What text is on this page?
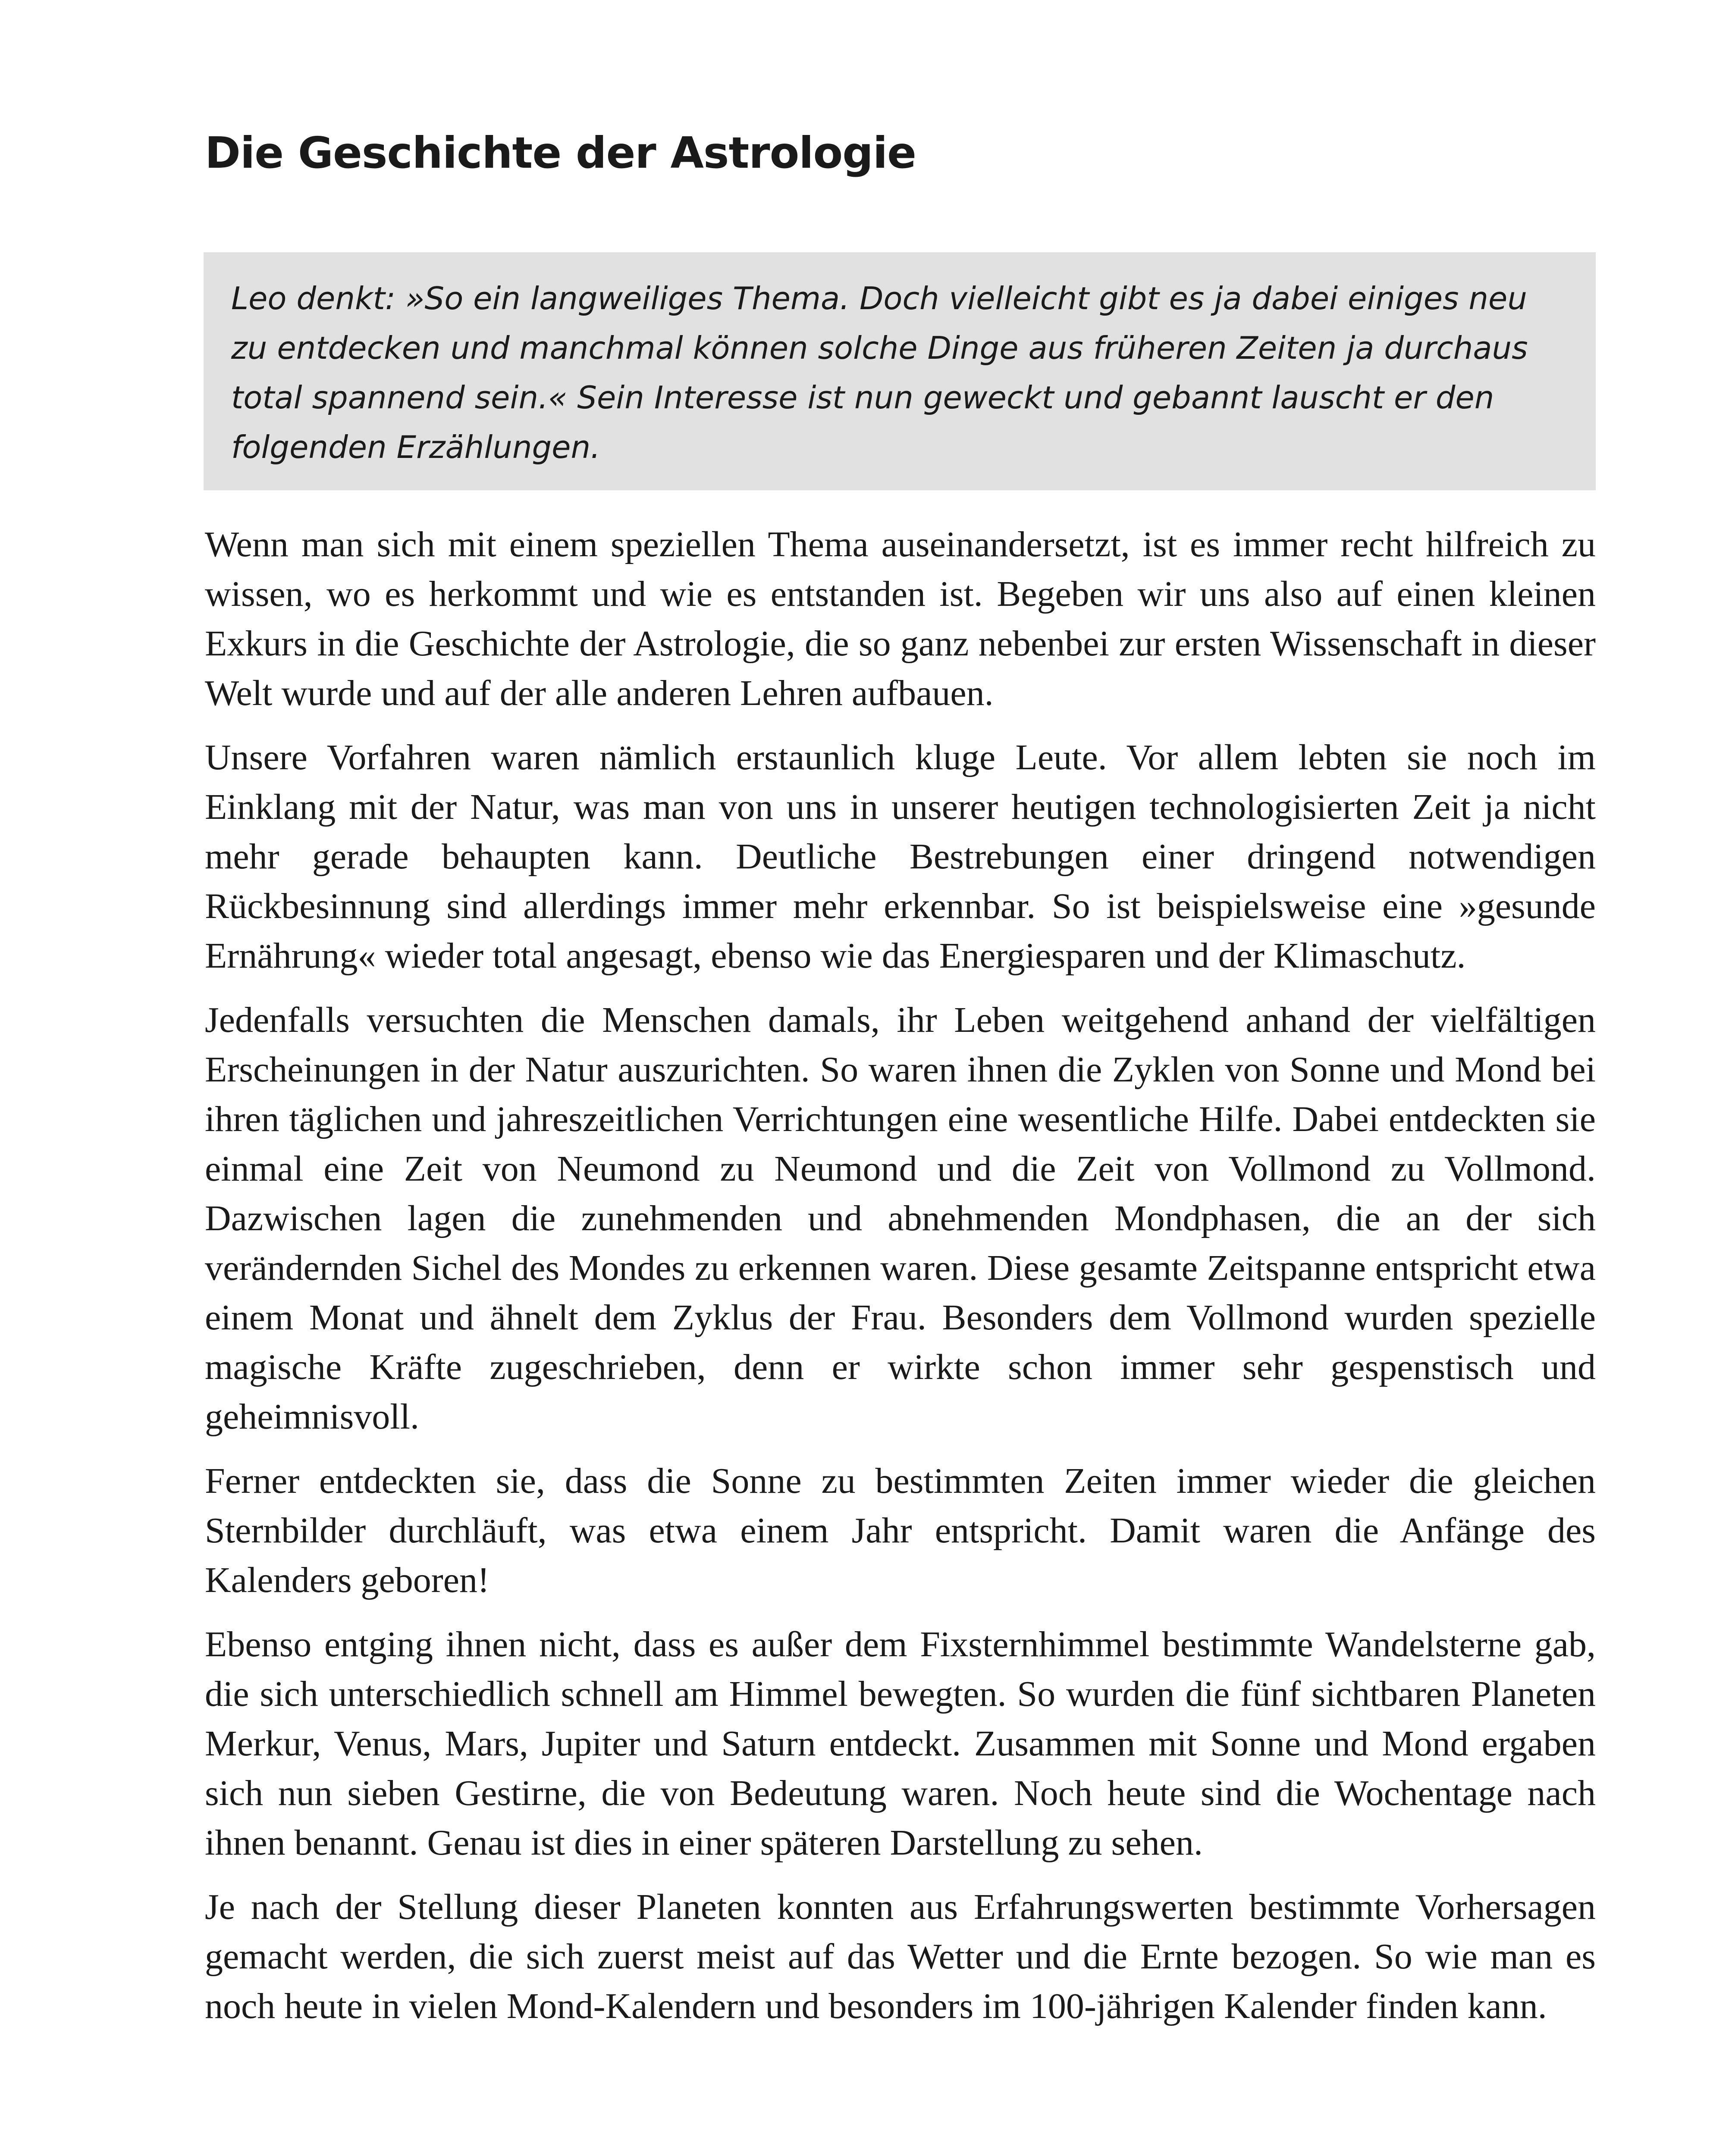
Die Geschichte der Astrologie

Leo denkt: »So ein langweiliges Thema. Doch vielleicht gibt es ja dabei einiges neu zu entdecken und manchmal können solche Dinge aus früheren Zeiten ja durchaus total spannend sein.« Sein Interesse ist nun geweckt und gebannt lauscht er den folgenden Erzählungen.

Wenn man sich mit einem speziellen Thema auseinandersetzt, ist es immer recht hilfreich zu wissen, wo es herkommt und wie es entstanden ist. Begeben wir uns also auf einen kleinen Exkurs in die Geschichte der Astrologie, die so ganz nebenbei zur ersten Wissenschaft in dieser Welt wurde und auf der alle anderen Lehren aufbauen.

Unsere Vorfahren waren nämlich erstaunlich kluge Leute. Vor allem lebten sie noch im Einklang mit der Natur, was man von uns in unserer heutigen technologisierten Zeit ja nicht mehr gerade behaupten kann. Deutliche Bestrebungen einer dringend notwendigen Rückbesinnung sind allerdings immer mehr erkennbar. So ist beispielsweise eine »gesunde Ernährung« wieder total angesagt, ebenso wie das Energiesparen und der Klimaschutz.

Jedenfalls versuchten die Menschen damals, ihr Leben weitgehend anhand der vielfältigen Erscheinungen in der Natur auszurichten. So waren ihnen die Zyklen von Sonne und Mond bei ihren täglichen und jahreszeitlichen Verrichtungen eine wesentliche Hilfe. Dabei entdeckten sie einmal eine Zeit von Neumond zu Neumond und die Zeit von Vollmond zu Vollmond. Dazwischen lagen die zunehmenden und abnehmenden Mondphasen, die an der sich verändernden Sichel des Mondes zu erkennen waren. Diese gesamte Zeitspanne entspricht etwa einem Monat und ähnelt dem Zyklus der Frau. Besonders dem Vollmond wurden spezielle magische Kräfte zugeschrieben, denn er wirkte schon immer sehr gespenstisch und geheimnisvoll.

Ferner entdeckten sie, dass die Sonne zu bestimmten Zeiten immer wieder die gleichen Sternbilder durchläuft, was etwa einem Jahr entspricht. Damit waren die Anfänge des Kalenders geboren!

Ebenso entging ihnen nicht, dass es außer dem Fixsternhimmel bestimmte Wandelsterne gab, die sich unterschiedlich schnell am Himmel bewegten. So wurden die fünf sichtbaren Planeten Merkur, Venus, Mars, Jupiter und Saturn entdeckt. Zusammen mit Sonne und Mond ergaben sich nun sieben Gestirne, die von Bedeutung waren. Noch heute sind die Wochentage nach ihnen benannt. Genau ist dies in einer späteren Darstellung zu sehen.

Je nach der Stellung dieser Planeten konnten aus Erfahrungswerten bestimmte Vorhersagen gemacht werden, die sich zuerst meist auf das Wetter und die Ernte bezogen. So wie man es noch heute in vielen Mond-Kalendern und besonders im 100-jährigen Kalender finden kann.
